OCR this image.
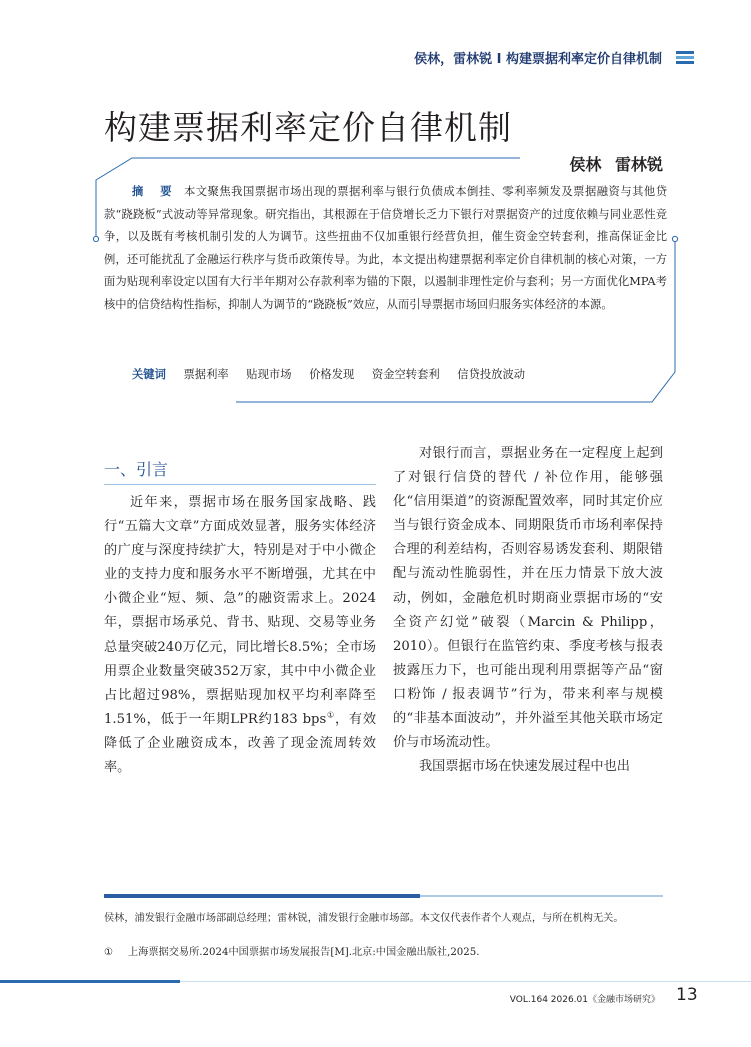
侯林，雷林锐 Ⅰ 构建票据利率定价自律机制
构建票据利率定价自律机制
侯林 雷林锐
摘 要 本文聚焦我国票据市场出现的票据利率与银行负债成本倒挂、零利率频发及票据融资与其他贷款“跷跷板”式波动等异常现象。研究指出，其根源在于信贷增长乏力下银行对票据资产的过度依赖与同业恶性竞争，以及既有考核机制引发的人为调节。这些扭曲不仅加重银行经营负担，催生资金空转套利，推高保证金比例，还可能扰乱了金融运行秩序与货币政策传导。为此，本文提出构建票据利率定价自律机制的核心对策，一方面为贴现利率设定以国有大行半年期对公存款利率为锚的下限，以遏制非理性定价与套利；另一方面优化MPA考核中的信贷结构性指标，抑制人为调节的“跷跷板”效应，从而引导票据市场回归服务实体经济的本源。
关键词 票据利率 贴现市场 价格发现 资金空转套利 信贷投放波动
一、引言

近年来，票据市场在服务国家战略、践行“五篇大文章”方面成效显著，服务实体经济的广度与深度持续扩大，特别是对于中小微企业的支持力度和服务水平不断增强，尤其在中小微企业“短、频、急”的融资需求上。2024年，票据市场承兑、背书、贴现、交易等业务总量突破240万亿元，同比增长8.5%；全市场用票企业数量突破352万家，其中中小微企业占比超过98%，票据贴现加权平均利率降至1.51%，低于一年期LPR约183 bps①，有效降低了企业融资成本，改善了现金流周转效率。

对银行而言，票据业务在一定程度上起到了对银行信贷的替代 / 补位作用，能够强化“信用渠道”的资源配置效率，同时其定价应当与银行资金成本、同期限货币市场利率保持合理的利差结构，否则容易诱发套利、期限错配与流动性脆弱性，并在压力情景下放大波动，例如，金融危机时期商业票据市场的“安全资产幻觉”破裂（Marcin & Philipp，2010）。但银行在监管约束、季度考核与报表披露压力下，也可能出现利用票据等产品“窗口粉饰 / 报表调节”行为，带来利率与规模的“非基本面波动”，并外溢至其他关联市场定价与市场流动性。

我国票据市场在快速发展过程中也出

侯林，浦发银行金融市场部副总经理；雷林锐，浦发银行金融市场部。本文仅代表作者个人观点，与所在机构无关。
① 上海票据交易所.2024中国票据市场发展报告[M].北京:中国金融出版社,2025.
VOL.164 2026.01《金融市场研究》 13
